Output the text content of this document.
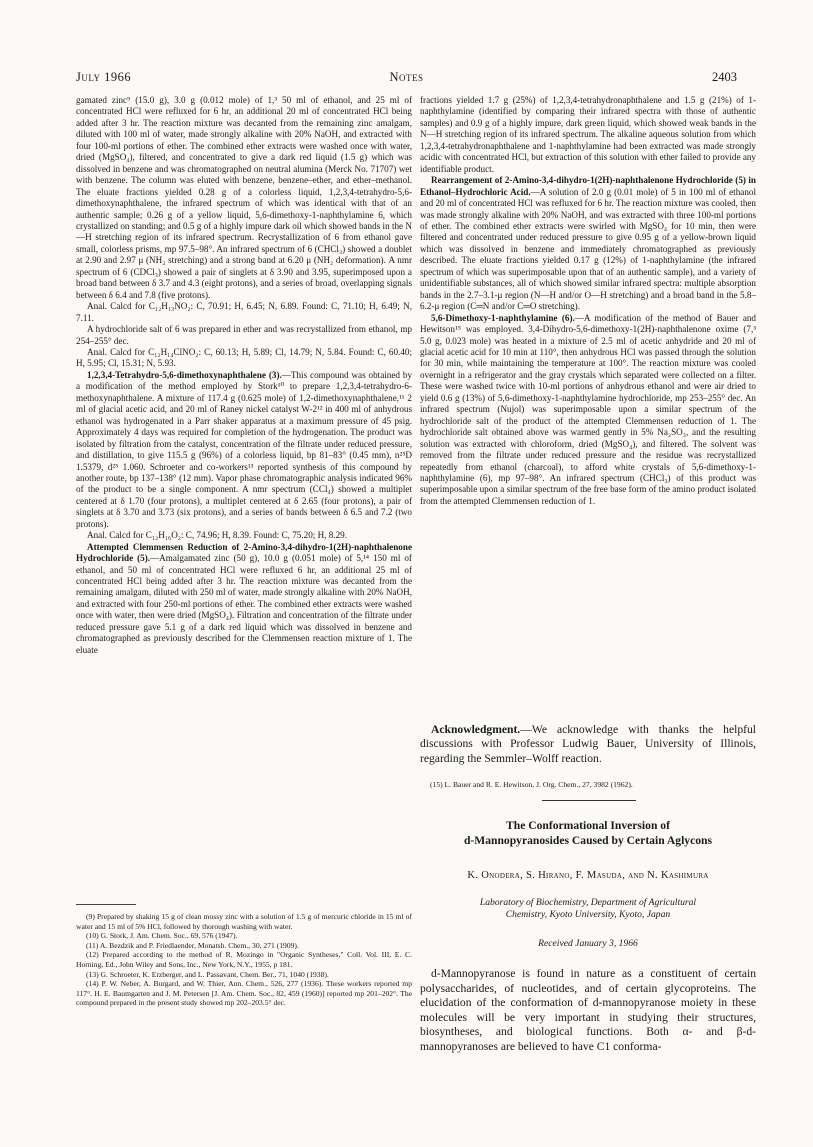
July 1966	Notes	2403

gamated zinc⁹ (15.0 g), 3.0 g (0.012 mole) of 1,³ 50 ml of ethanol, and 25 ml of concentrated HCl were refluxed for 6 hr, an additional 20 ml of concentrated HCl being added after 3 hr. The reaction mixture was decanted from the remaining zinc amalgam, diluted with 100 ml of water, made strongly alkaline with 20% NaOH, and extracted with four 100-ml portions of ether. The combined ether extracts were washed once with water, dried (MgSO₄), filtered, and concentrated to give a dark red liquid (1.5 g) which was dissolved in benzene and was chromatographed on neutral alumina (Merck No. 71707) wet with benzene. The column was eluted with benzene, benzene–ether, and ether–methanol. The eluate fractions yielded 0.28 g of a colorless liquid, 1,2,3,4-tetrahydro-5,6-dimethoxynaphthalene, the infrared spectrum of which was identical with that of an authentic sample; 0.26 g of a yellow liquid, 5,6-dimethoxy-1-naphthylamine 6, which crystallized on standing; and 0.5 g of a highly impure dark oil which showed bands in the N—H stretching region of its infrared spectrum. Recrystallization of 6 from ethanol gave small, colorless prisms, mp 97.5–98°. An infrared spectrum of 6 (CHCl₃) showed a doublet at 2.90 and 2.97 μ (NH₂ stretching) and a strong band at 6.20 μ (NH₂ deformation). A nmr spectrum of 6 (CDCl₃) showed a pair of singlets at δ 3.90 and 3.95, superimposed upon a broad band between δ 3.7 and 4.3 (eight protons), and a series of broad, overlapping signals between δ 6.4 and 7.8 (five protons).

Anal. Calcd for C₁₂H₁₃NO₂: C, 70.91; H, 6.45; N, 6.89. Found: C, 71.10; H, 6.49; N, 7.11.

A hydrochloride salt of 6 was prepared in ether and was recrystallized from ethanol, mp 254–255° dec.

Anal. Calcd for C₁₂H₁₄ClNO₂: C, 60.13; H, 5.89; Cl, 14.79; N, 5.84. Found: C, 60.40; H, 5.95; Cl, 15.31; N, 5.93.

1,2,3,4-Tetrahydro-5,6-dimethoxynaphthalene (3).—This compound was obtained by a modification of the method employed by Stork¹⁰ to prepare 1,2,3,4-tetrahydro-6-methoxynaphthalene. A mixture of 117.4 g (0.625 mole) of 1,2-dimethoxynaphthalene,¹¹ 2 ml of glacial acetic acid, and 20 ml of Raney nickel catalyst W-2¹² in 400 ml of anhydrous ethanol was hydrogenated in a Parr shaker apparatus at a maximum pressure of 45 psig. Approximately 4 days was required for completion of the hydrogenation. The product was isolated by filtration from the catalyst, concentration of the filtrate under reduced pressure, and distillation, to give 115.5 g (96%) of a colorless liquid, bp 81–83° (0.45 mm), n²⁵D 1.5379, d²⁵ 1.060. Schroeter and co-workers¹³ reported synthesis of this compound by another route, bp 137–138° (12 mm). Vapor phase chromatographic analysis indicated 96% of the product to be a single component. A nmr spectrum (CCl₄) showed a multiplet centered at δ 1.70 (four protons), a multiplet centered at δ 2.65 (four protons), a pair of singlets at δ 3.70 and 3.73 (six protons), and a series of bands between δ 6.5 and 7.2 (two protons).

Anal. Calcd for C₁₂H₁₆O₂: C, 74.96; H, 8.39. Found: C, 75.20; H, 8.29.

Attempted Clemmensen Reduction of 2-Amino-3,4-dihydro-1(2H)-naphthalenone Hydrochloride (5).—Amalgamated zinc (50 g), 10.0 g (0.051 mole) of 5,¹⁴ 150 ml of ethanol, and 50 ml of concentrated HCl were refluxed 6 hr, an additional 25 ml of concentrated HCl being added after 3 hr. The reaction mixture was decanted from the remaining amalgam, diluted with 250 ml of water, made strongly alkaline with 20% NaOH, and extracted with four 250-ml portions of ether. The combined ether extracts were washed once with water, then were dried (MgSO₄). Filtration and concentration of the filtrate under reduced pressure gave 5.1 g of a dark red liquid which was dissolved in benzene and chromatographed as previously described for the Clemmensen reaction mixture of 1. The eluate

(9) Prepared by shaking 15 g of clean mossy zinc with a solution of 1.5 g of mercuric chloride in 15 ml of water and 15 ml of 5% HCl, followed by thorough washing with water.

(10) G. Stork, J. Am. Chem. Soc., 69, 576 (1947).

(11) A. Bezdzik and P. Friedlaender, Monatsh. Chem., 30, 271 (1909).

(12) Prepared according to the method of R. Mozingo in "Organic Syntheses," Coll. Vol. III, E. C. Horning, Ed., John Wiley and Sons, Inc., New York, N.Y., 1955, p 181.

(13) G. Schroeter, K. Erzberger, and L. Passavant, Chem. Ber., 71, 1040 (1938).

(14) P. W. Neber, A. Burgard, and W. Thier, Ann. Chem., 526, 277 (1936). These workers reported mp 117°. H. E. Baumgarten and J. M. Petersen [J. Am. Chem. Soc., 82, 459 (1960)] reported mp 201–202°. The compound prepared in the present study showed mp 202–203.5° dec.

fractions yielded 1.7 g (25%) of 1,2,3,4-tetrahydronaphthalene and 1.5 g (21%) of 1-naphthylamine (identified by comparing their infrared spectra with those of authentic samples) and 0.9 g of a highly impure, dark green liquid, which showed weak bands in the N—H stretching region of its infrared spectrum. The alkaline aqueous solution from which 1,2,3,4-tetrahydronaphthalene and 1-naphthylamine had been extracted was made strongly acidic with concentrated HCl, but extraction of this solution with ether failed to provide any identifiable product.

Rearrangement of 2-Amino-3,4-dihydro-1(2H)-naphthalenone Hydrochloride (5) in Ethanol–Hydrochloric Acid.—A solution of 2.0 g (0.01 mole) of 5 in 100 ml of ethanol and 20 ml of concentrated HCl was refluxed for 6 hr. The reaction mixture was cooled, then was made strongly alkaline with 20% NaOH, and was extracted with three 100-ml portions of ether. The combined ether extracts were swirled with MgSO₄ for 10 min, then were filtered and concentrated under reduced pressure to give 0.95 g of a yellow-brown liquid which was dissolved in benzene and immediately chromatographed as previously described. The eluate fractions yielded 0.17 g (12%) of 1-naphthylamine (the infrared spectrum of which was superimposable upon that of an authentic sample), and a variety of unidentifiable substances, all of which showed similar infrared spectra: multiple absorption bands in the 2.7–3.1-μ region (N—H and/or O—H stretching) and a broad band in the 5.8–6.2-μ region (C═N and/or C═O stretching).

5,6-Dimethoxy-1-naphthylamine (6).—A modification of the method of Bauer and Hewitson¹⁵ was employed. 3,4-Dihydro-5,6-dimethoxy-1(2H)-naphthalenone oxime (7,³ 5.0 g, 0.023 mole) was heated in a mixture of 2.5 ml of acetic anhydride and 20 ml of glacial acetic acid for 10 min at 110°, then anhydrous HCl was passed through the solution for 30 min, while maintaining the temperature at 100°. The reaction mixture was cooled overnight in a refrigerator and the gray crystals which separated were collected on a filter. These were washed twice with 10-ml portions of anhydrous ethanol and were air dried to yield 0.6 g (13%) of 5,6-dimethoxy-1-naphthylamine hydrochloride, mp 253–255° dec. An infrared spectrum (Nujol) was superimposable upon a similar spectrum of the hydrochloride salt of the product of the attempted Clemmensen reduction of 1. The hydrochloride salt obtained above was warmed gently in 5% Na₂SO₃, and the resulting solution was extracted with chloroform, dried (MgSO₄), and filtered. The solvent was removed from the filtrate under reduced pressure and the residue was recrystallized repeatedly from ethanol (charcoal), to afford white crystals of 5,6-dimethoxy-1-naphthylamine (6), mp 97–98°. An infrared spectrum (CHCl₃) of this product was superimposable upon a similar spectrum of the free base form of the amino product isolated from the attempted Clemmensen reduction of 1.

Acknowledgment.—We acknowledge with thanks the helpful discussions with Professor Ludwig Bauer, University of Illinois, regarding the Semmler–Wolff reaction.

(15) L. Bauer and R. E. Hewitson, J. Org. Chem., 27, 3982 (1962).
The Conformational Inversion of
d-Mannopyranosides Caused by Certain Aglycons
K. Onodera, S. Hirano, F. Masuda, and N. Kashimura
Laboratory of Biochemistry, Department of Agricultural
Chemistry, Kyoto University, Kyoto, Japan
Received January 3, 1966

d-Mannopyranose is found in nature as a constituent of certain polysaccharides, of nucleotides, and of certain glycoproteins. The elucidation of the conformation of d-mannopyranose moiety in these molecules will be very important in studying their structures, biosyntheses, and biological functions. Both α- and β-d-mannopyranoses are believed to have C1 conforma-
